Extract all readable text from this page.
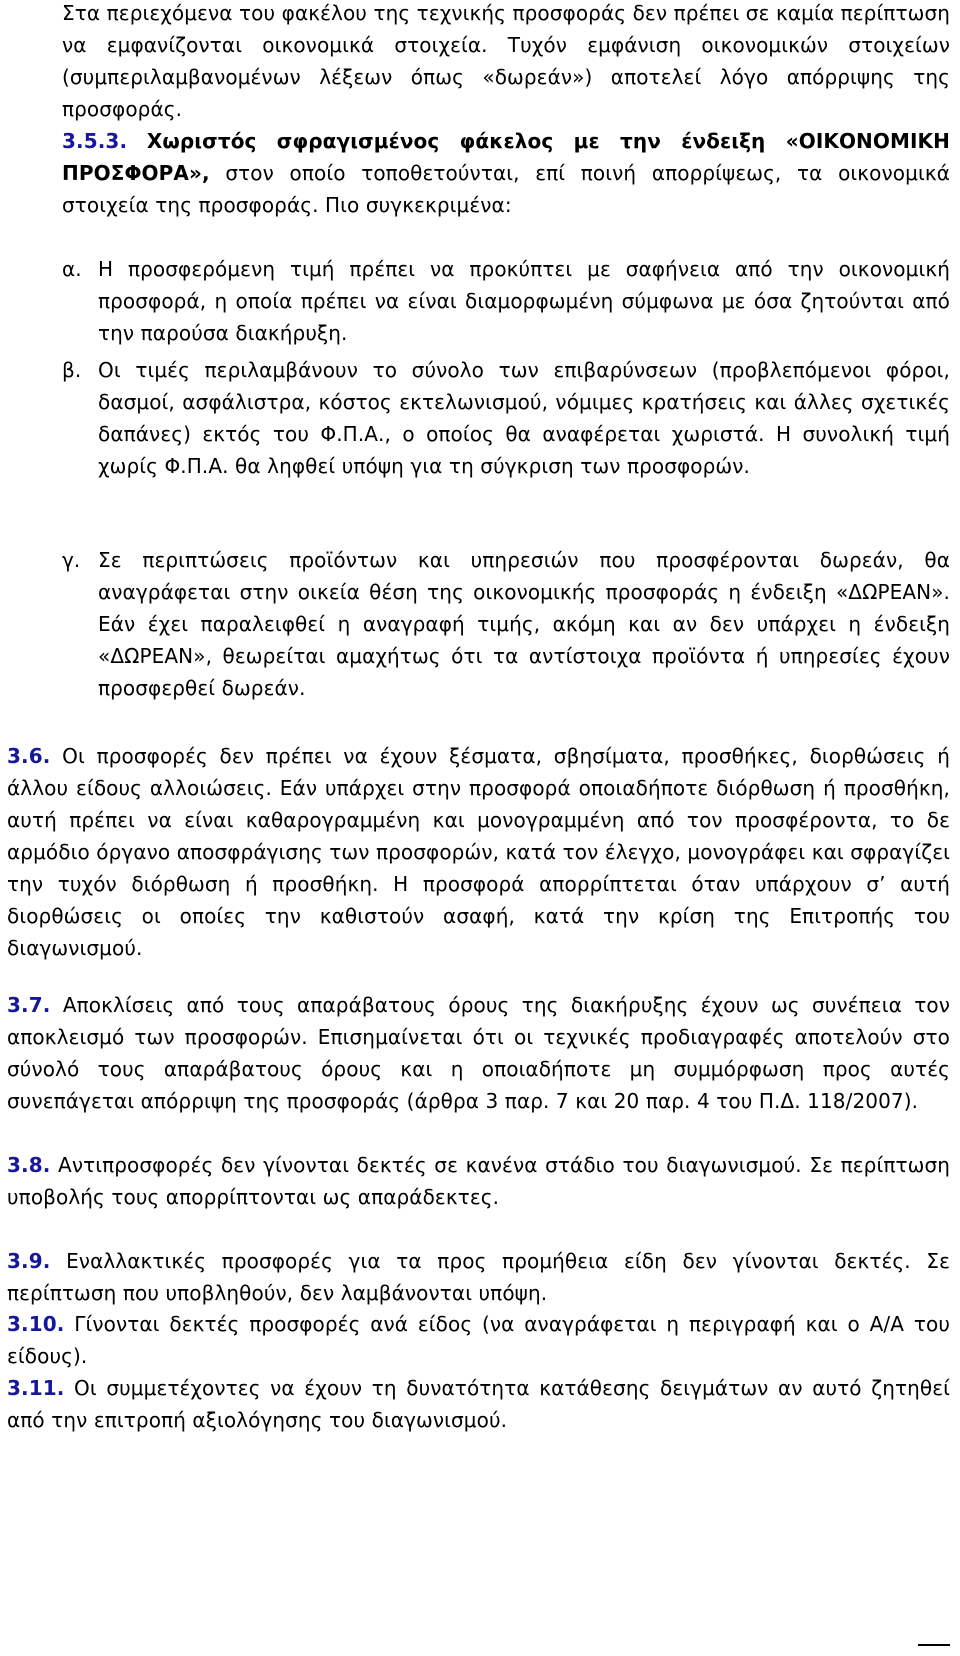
Στα περιεχόμενα του φακέλου της τεχνικής προσφοράς δεν πρέπει σε καμία περίπτωση να εμφανίζονται οικονομικά στοιχεία. Τυχόν εμφάνιση οικονομικών στοιχείων (συμπεριλαμβανομένων λέξεων όπως «δωρεάν») αποτελεί λόγο απόρριψης της προσφοράς.
3.5.3. Χωριστός σφραγισμένος φάκελος με την ένδειξη «ΟΙΚΟΝΟΜΙΚΗ ΠΡΟΣΦΟΡΑ», στον οποίο τοποθετούνται, επί ποινή απορρίψεως, τα οικονομικά στοιχεία της προσφοράς. Πιο συγκεκριμένα:
α. Η προσφερόμενη τιμή πρέπει να προκύπτει με σαφήνεια από την οικονομική προσφορά, η οποία πρέπει να είναι διαμορφωμένη σύμφωνα με όσα ζητούνται από την παρούσα διακήρυξη.
β. Οι τιμές περιλαμβάνουν το σύνολο των επιβαρύνσεων (προβλεπόμενοι φόροι, δασμοί, ασφάλιστρα, κόστος εκτελωνισμού, νόμιμες κρατήσεις και άλλες σχετικές δαπάνες) εκτός του Φ.Π.Α., ο οποίος θα αναφέρεται χωριστά. Η συνολική τιμή χωρίς Φ.Π.Α. θα ληφθεί υπόψη για τη σύγκριση των προσφορών.
γ. Σε περιπτώσεις προϊόντων και υπηρεσιών που προσφέρονται δωρεάν, θα αναγράφεται στην οικεία θέση της οικονομικής προσφοράς η ένδειξη «ΔΩΡΕΑΝ». Εάν έχει παραλειφθεί η αναγραφή τιμής, ακόμη και αν δεν υπάρχει η ένδειξη «ΔΩΡΕΑΝ», θεωρείται αμαχήτως ότι τα αντίστοιχα προϊόντα ή υπηρεσίες έχουν προσφερθεί δωρεάν.
3.6. Οι προσφορές δεν πρέπει να έχουν ξέσματα, σβησίματα, προσθήκες, διορθώσεις ή άλλου είδους αλλοιώσεις. Εάν υπάρχει στην προσφορά οποιαδήποτε διόρθωση ή προσθήκη, αυτή πρέπει να είναι καθαρογραμμένη και μονογραμμένη από τον προσφέροντα, το δε αρμόδιο όργανο αποσφράγισης των προσφορών, κατά τον έλεγχο, μονογράφει και σφραγίζει την τυχόν διόρθωση ή προσθήκη. Η προσφορά απορρίπτεται όταν υπάρχουν σ’ αυτή διορθώσεις οι οποίες την καθιστούν ασαφή, κατά την κρίση της Επιτροπής του διαγωνισμού.
3.7. Αποκλίσεις από τους απαράβατους όρους της διακήρυξης έχουν ως συνέπεια τον αποκλεισμό των προσφορών. Επισημαίνεται ότι οι τεχνικές προδιαγραφές αποτελούν στο σύνολό τους απαράβατους όρους και η οποιαδήποτε μη συμμόρφωση προς αυτές συνεπάγεται απόρριψη της προσφοράς (άρθρα 3 παρ. 7 και 20 παρ. 4 του Π.Δ. 118/2007).
3.8. Αντιπροσφορές δεν γίνονται δεκτές σε κανένα στάδιο του διαγωνισμού. Σε περίπτωση υποβολής τους απορρίπτονται ως απαράδεκτες.
3.9. Εναλλακτικές προσφορές για τα προς προμήθεια είδη δεν γίνονται δεκτές. Σε περίπτωση που υποβληθούν, δεν λαμβάνονται υπόψη.
3.10. Γίνονται δεκτές προσφορές ανά είδος (να αναγράφεται η περιγραφή και ο Α/Α του είδους).
3.11. Οι συμμετέχοντες να έχουν τη δυνατότητα κατάθεσης δειγμάτων αν αυτό ζητηθεί από την επιτροπή αξιολόγησης του διαγωνισμού.
